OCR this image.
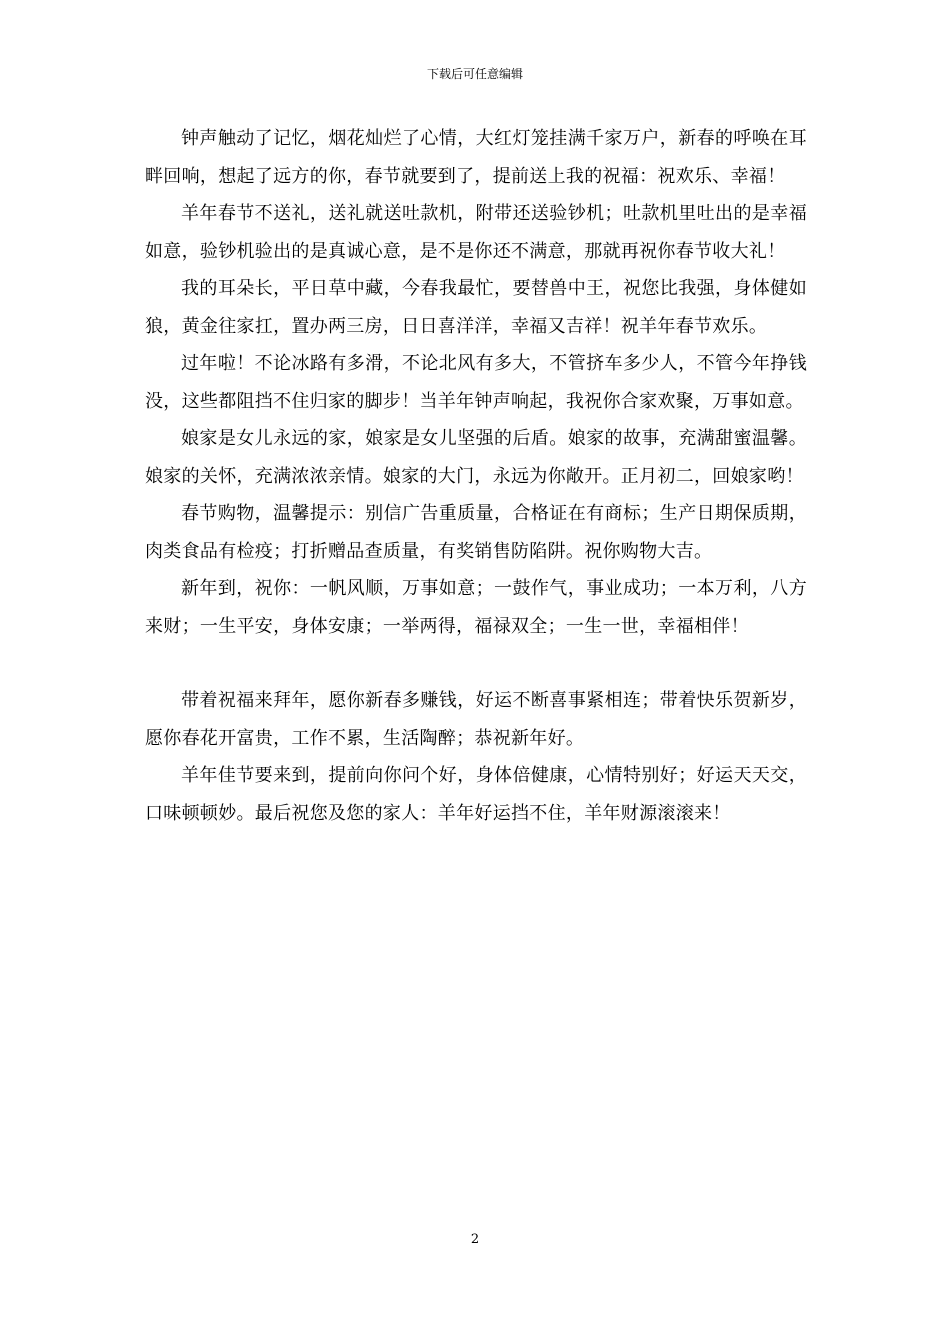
下载后可任意编辑

钟声触动了记忆，烟花灿烂了心情，大红灯笼挂满千家万户，新春的呼唤在耳畔回响，想起了远方的你，春节就要到了，提前送上我的祝福：祝欢乐、幸福！

羊年春节不送礼，送礼就送吐款机，附带还送验钞机；吐款机里吐出的是幸福如意，验钞机验出的是真诚心意，是不是你还不满意，那就再祝你春节收大礼！

我的耳朵长，平日草中藏，今春我最忙，要替兽中王，祝您比我强，身体健如狼，黄金往家扛，置办两三房，日日喜洋洋，幸福又吉祥！祝羊年春节欢乐。

过年啦！不论冰路有多滑，不论北风有多大，不管挤车多少人，不管今年挣钱没，这些都阻挡不住归家的脚步！当羊年钟声响起，我祝你合家欢聚，万事如意。

娘家是女儿永远的家，娘家是女儿坚强的后盾。娘家的故事，充满甜蜜温馨。娘家的关怀，充满浓浓亲情。娘家的大门，永远为你敞开。正月初二，回娘家哟！

春节购物，温馨提示：别信广告重质量，合格证在有商标；生产日期保质期，肉类食品有检疫；打折赠品查质量，有奖销售防陷阱。祝你购物大吉。

新年到，祝你：一帆风顺，万事如意；一鼓作气，事业成功；一本万利，八方来财；一生平安，身体安康；一举两得，福禄双全；一生一世，幸福相伴！

带着祝福来拜年，愿你新春多赚钱，好运不断喜事紧相连；带着快乐贺新岁，愿你春花开富贵，工作不累，生活陶醉；恭祝新年好。

羊年佳节要来到，提前向你问个好，身体倍健康，心情特别好；好运天天交，口味顿顿妙。最后祝您及您的家人：羊年好运挡不住，羊年财源滚滚来！

2
